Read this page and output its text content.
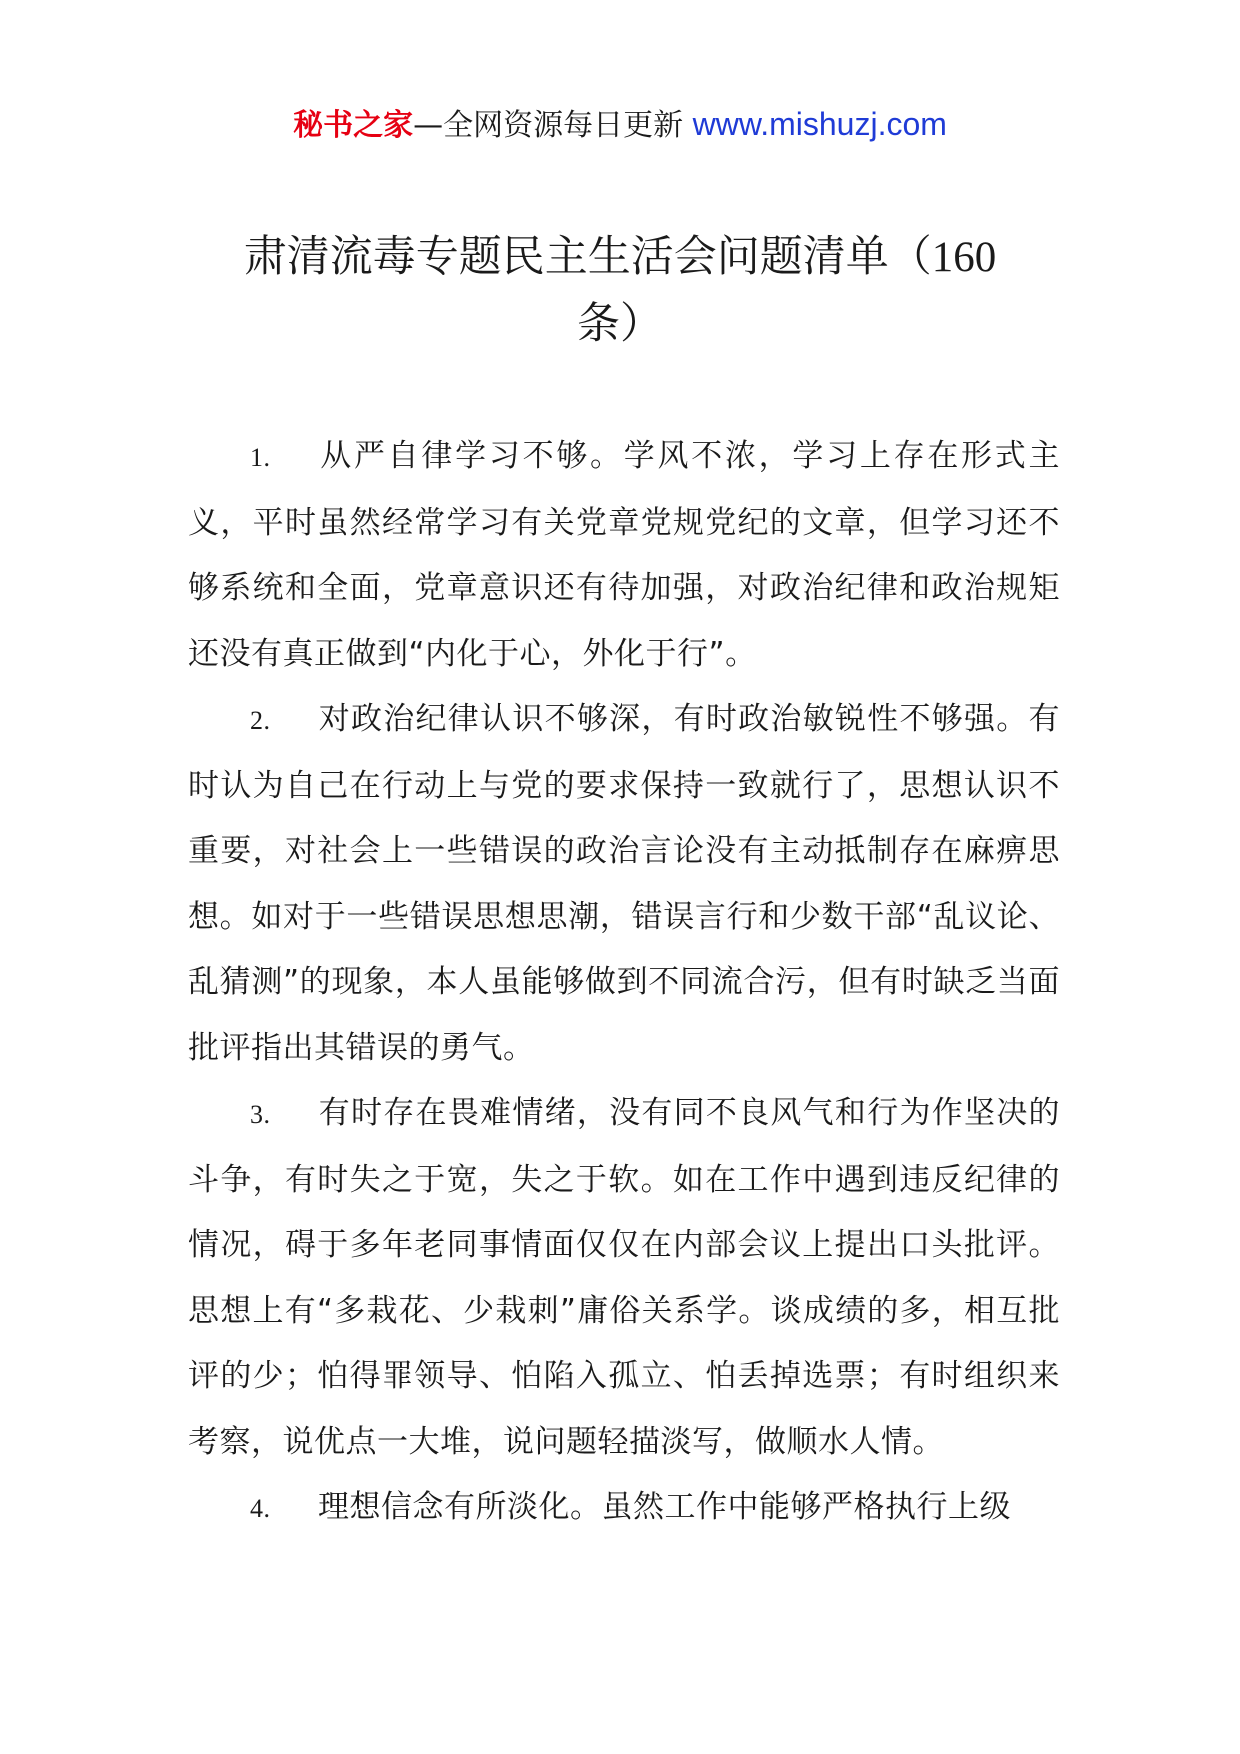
秘书之家—全网资源每日更新 www.mishuzj.com
肃清流毒专题民主生活会问题清单（160
条）

1. 从严自律学习不够。学风不浓，学习上存在形式主义，平时虽然经常学习有关党章党规党纪的文章，但学习还不够系统和全面，党章意识还有待加强，对政治纪律和政治规矩还没有真正做到“内化于心，外化于行”。

2. 对政治纪律认识不够深，有时政治敏锐性不够强。有时认为自己在行动上与党的要求保持一致就行了，思想认识不重要，对社会上一些错误的政治言论没有主动抵制存在麻痹思想。如对于一些错误思想思潮，错误言行和少数干部“乱议论、乱猜测”的现象，本人虽能够做到不同流合污，但有时缺乏当面批评指出其错误的勇气。

3. 有时存在畏难情绪，没有同不良风气和行为作坚决的斗争，有时失之于宽，失之于软。如在工作中遇到违反纪律的情况，碍于多年老同事情面仅仅在内部会议上提出口头批评。思想上有“多栽花、少栽刺”庸俗关系学。谈成绩的多，相互批评的少；怕得罪领导、怕陷入孤立、怕丢掉选票；有时组织来考察，说优点一大堆，说问题轻描淡写，做顺水人情。

4. 理想信念有所淡化。虽然工作中能够严格执行上级
